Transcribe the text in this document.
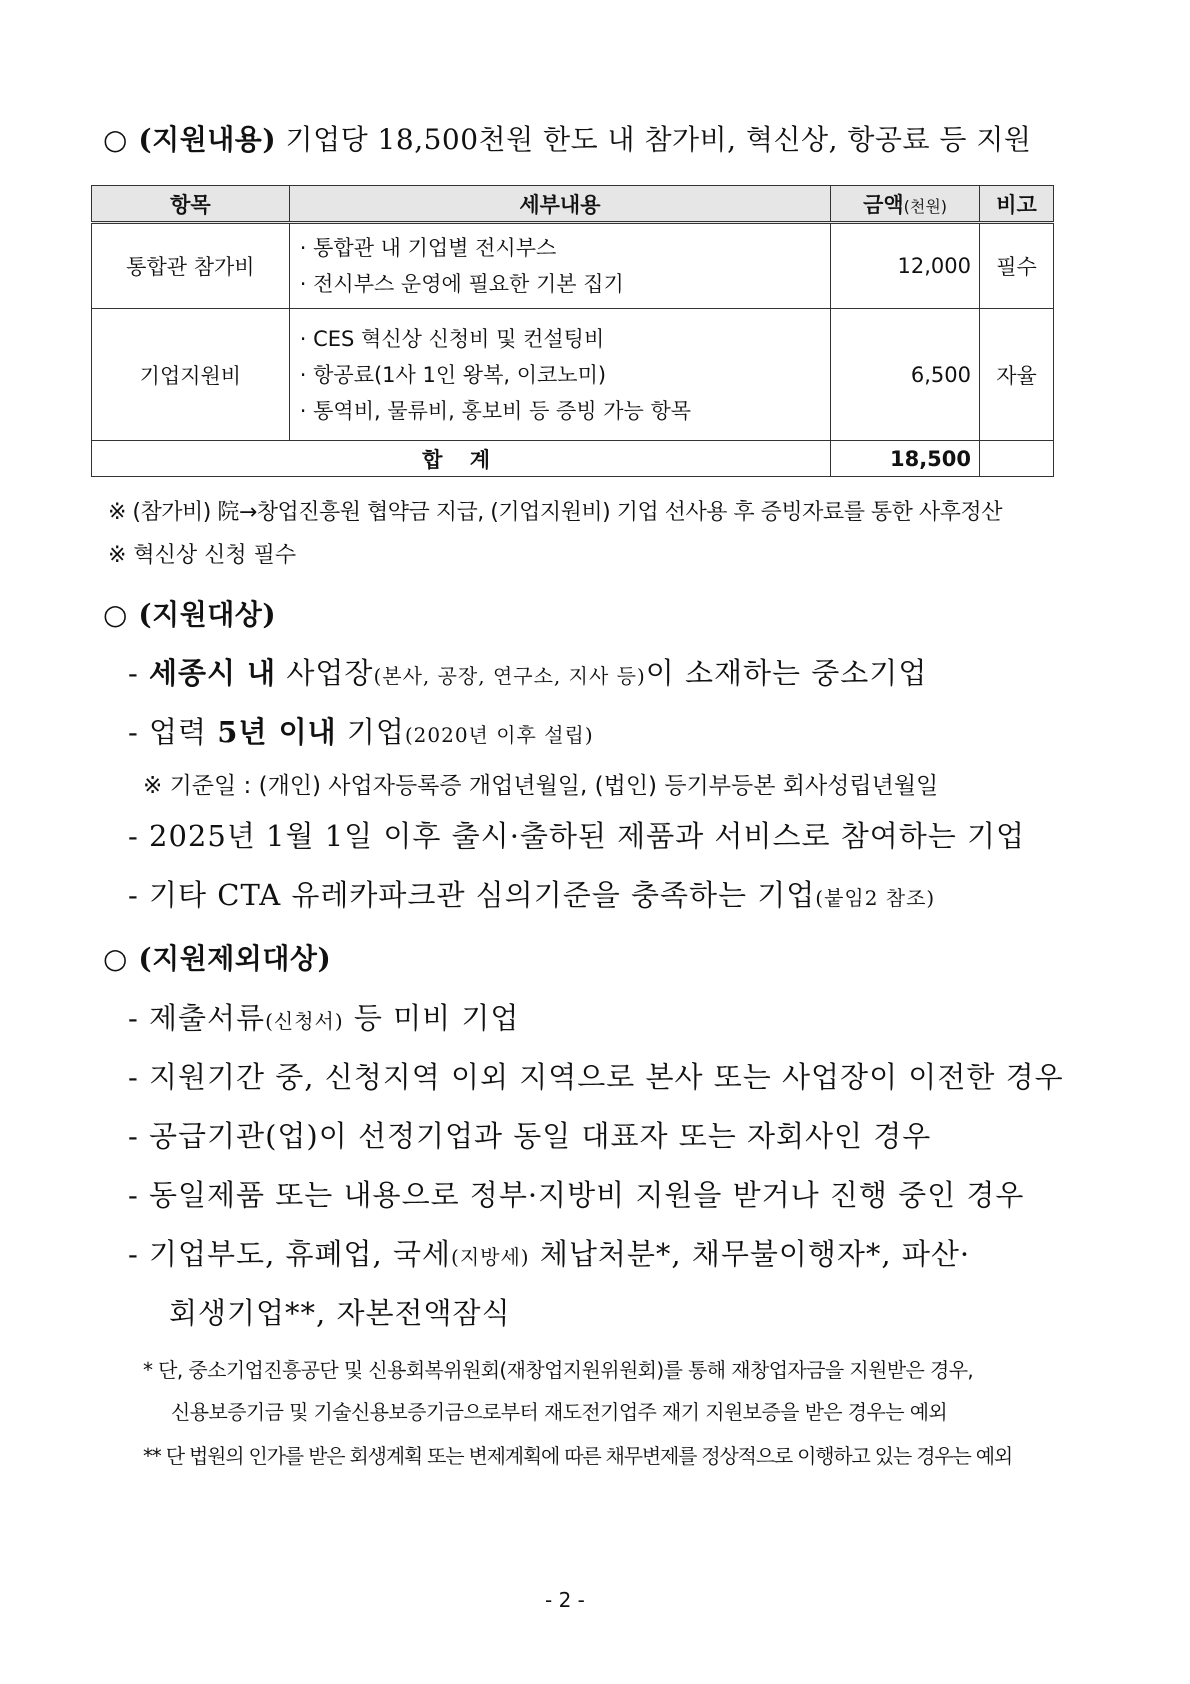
○ (지원내용) 기업당 18,500천원 한도 내 참가비, 혁신상, 항공료 등 지원
항목	세부내용	금액(천원)	비고
통합관 참가비	· 통합관 내 기업별 전시부스
· 전시부스 운영에 필요한 기본 집기	12,000	필수
기업지원비	· CES 혁신상 신청비 및 컨설팅비
· 항공료(1사 1인 왕복, 이코노미)
· 통역비, 물류비, 홍보비 등 증빙 가능 항목	6,500	자율
합 계		18,500	
※ (참가비) 院→창업진흥원 협약금 지급, (기업지원비) 기업 선사용 후 증빙자료를 통한 사후정산
※ 혁신상 신청 필수
○ (지원대상)
- 세종시 내 사업장(본사, 공장, 연구소, 지사 등)이 소재하는 중소기업
- 업력 5년 이내 기업(2020년 이후 설립)
※ 기준일 : (개인) 사업자등록증 개업년월일, (법인) 등기부등본 회사성립년월일
- 2025년 1월 1일 이후 출시·출하된 제품과 서비스로 참여하는 기업
- 기타 CTA 유레카파크관 심의기준을 충족하는 기업(붙임2 참조)
○ (지원제외대상)
- 제출서류(신청서) 등 미비 기업
- 지원기간 중, 신청지역 이외 지역으로 본사 또는 사업장이 이전한 경우
- 공급기관(업)이 선정기업과 동일 대표자 또는 자회사인 경우
- 동일제품 또는 내용으로 정부·지방비 지원을 받거나 진행 중인 경우
- 기업부도, 휴폐업, 국세(지방세) 체납처분*, 채무불이행자*, 파산·
회생기업**, 자본전액잠식
* 단, 중소기업진흥공단 및 신용회복위원회(재창업지원위원회)를 통해 재창업자금을 지원받은 경우,
신용보증기금 및 기술신용보증기금으로부터 재도전기업주 재기 지원보증을 받은 경우는 예외
** 단 법원의 인가를 받은 회생계획 또는 변제계획에 따른 채무변제를 정상적으로 이행하고 있는 경우는 예외
- 2 -
